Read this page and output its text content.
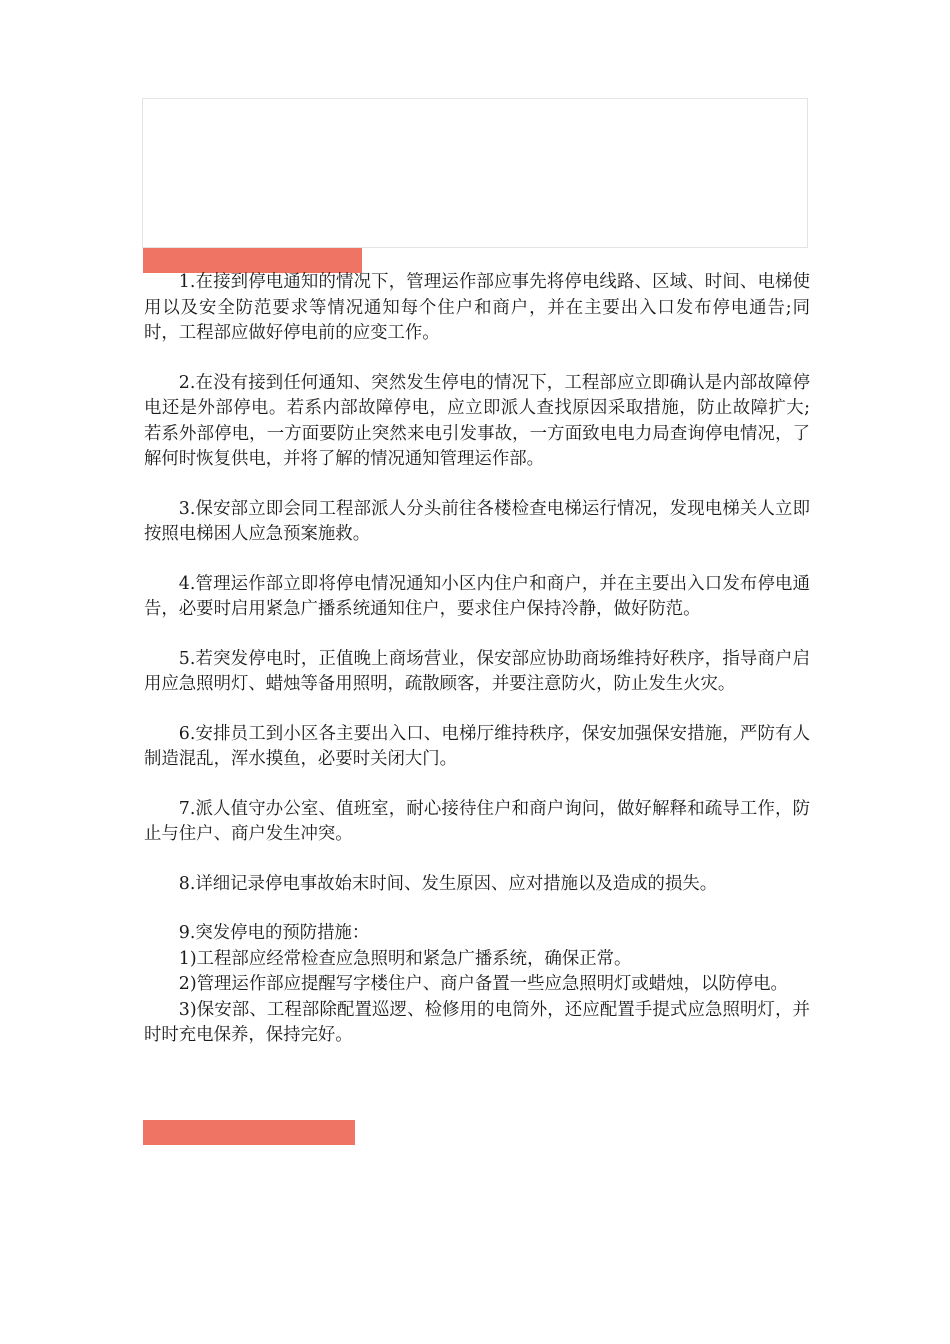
1.在接到停电通知的情况下，管理运作部应事先将停电线路、区域、时间、电梯使用以及安全防范要求等情况通知每个住户和商户，并在主要出入口发布停电通告;同时，工程部应做好停电前的应变工作。

2.在没有接到任何通知、突然发生停电的情况下，工程部应立即确认是内部故障停电还是外部停电。若系内部故障停电，应立即派人查找原因采取措施，防止故障扩大;若系外部停电，一方面要防止突然来电引发事故，一方面致电电力局查询停电情况，了解何时恢复供电，并将了解的情况通知管理运作部。

3.保安部立即会同工程部派人分头前往各楼检查电梯运行情况，发现电梯关人立即按照电梯困人应急预案施救。

4.管理运作部立即将停电情况通知小区内住户和商户，并在主要出入口发布停电通告，必要时启用紧急广播系统通知住户，要求住户保持冷静，做好防范。

5.若突发停电时，正值晚上商场营业，保安部应协助商场维持好秩序，指导商户启用应急照明灯、蜡烛等备用照明，疏散顾客，并要注意防火，防止发生火灾。

6.安排员工到小区各主要出入口、电梯厅维持秩序，保安加强保安措施，严防有人制造混乱，浑水摸鱼，必要时关闭大门。

7.派人值守办公室、值班室，耐心接待住户和商户询问，做好解释和疏导工作，防止与住户、商户发生冲突。

8.详细记录停电事故始末时间、发生原因、应对措施以及造成的损失。

9.突发停电的预防措施：

1)工程部应经常检查应急照明和紧急广播系统，确保正常。

2)管理运作部应提醒写字楼住户、商户备置一些应急照明灯或蜡烛，以防停电。

3)保安部、工程部除配置巡逻、检修用的电筒外，还应配置手提式应急照明灯，并时时充电保养，保持完好。
